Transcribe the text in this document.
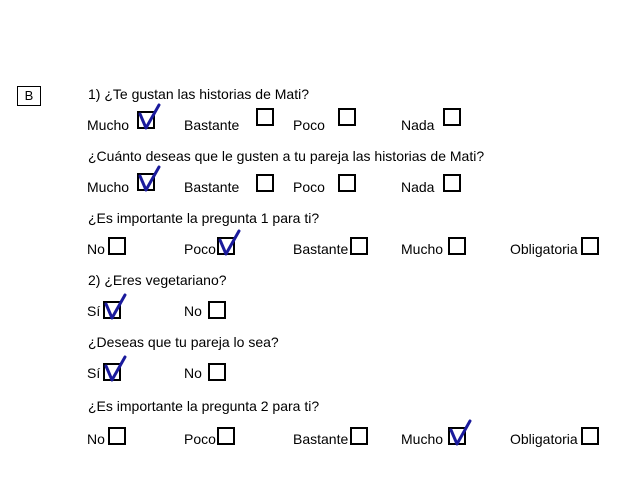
B	1) ¿Te gustan las historias de Mati?
Mucho	Bastante	Poco	Nada
¿Cuánto deseas que le gusten a tu pareja las historias de Mati?
Mucho	Bastante	Poco	Nada
¿Es importante la pregunta 1 para ti?
No	Poco	Bastante	Mucho	Obligatoria
2) ¿Eres vegetariano?
Sí	No
¿Deseas que tu pareja lo sea?
Sí	No
¿Es importante la pregunta 2 para ti?
No	Poco	Bastante	Mucho	Obligatoria
